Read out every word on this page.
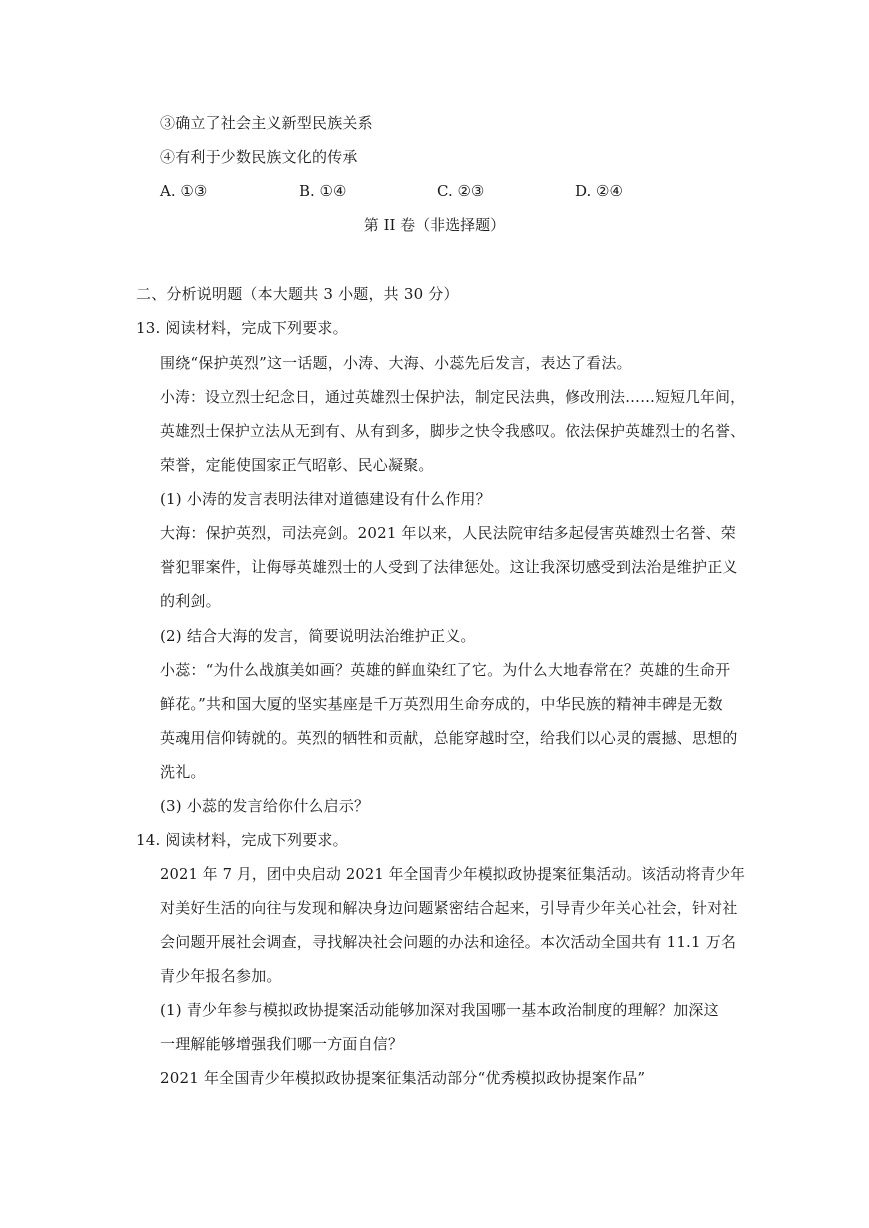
③确立了社会主义新型民族关系
④有利于少数民族文化的传承
A. ①③	B. ①④	C. ②③	D. ②④
第 II 卷（非选择题）
二、分析说明题（本大题共 3 小题，共 30 分）
13. 阅读材料，完成下列要求。
围绕“保护英烈”这一话题，小涛、大海、小蕊先后发言，表达了看法。
小涛：设立烈士纪念日，通过英雄烈士保护法，制定民法典，修改刑法……短短几年间，
英雄烈士保护立法从无到有、从有到多，脚步之快令我感叹。依法保护英雄烈士的名誉、
荣誉，定能使国家正气昭彰、民心凝聚。
(1) 小涛的发言表明法律对道德建设有什么作用？
大海：保护英烈，司法亮剑。2021 年以来，人民法院审结多起侵害英雄烈士名誉、荣
誉犯罪案件，让侮辱英雄烈士的人受到了法律惩处。这让我深切感受到法治是维护正义
的利剑。
(2) 结合大海的发言，简要说明法治维护正义。
小蕊：“为什么战旗美如画？英雄的鲜血染红了它。为什么大地春常在？英雄的生命开
鲜花。”共和国大厦的坚实基座是千万英烈用生命夯成的，中华民族的精神丰碑是无数
英魂用信仰铸就的。英烈的牺牲和贡献，总能穿越时空，给我们以心灵的震撼、思想的
洗礼。
(3) 小蕊的发言给你什么启示？
14. 阅读材料，完成下列要求。
2021 年 7 月，团中央启动 2021 年全国青少年模拟政协提案征集活动。该活动将青少年
对美好生活的向往与发现和解决身边问题紧密结合起来，引导青少年关心社会，针对社
会问题开展社会调查，寻找解决社会问题的办法和途径。本次活动全国共有 11.1 万名
青少年报名参加。
(1) 青少年参与模拟政协提案活动能够加深对我国哪一基本政治制度的理解？加深这
一理解能够增强我们哪一方面自信？
2021 年全国青少年模拟政协提案征集活动部分“优秀模拟政协提案作品”
